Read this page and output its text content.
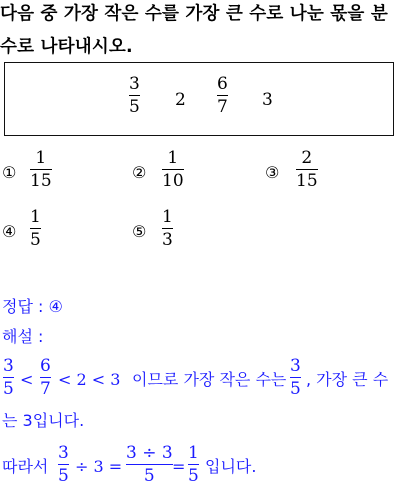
다음 중 가장 작은 수를 가장 큰 수로 나눈 몫을 분
수로 나타내시오.
3
5 2
6
7 3
①
1
15	②
1
10	③
2
15
④
1
5	⑤
1
3
정답 : ④
해설 :
3
5 <
6
7 < 2 < 3 이므로 가장 작은 수는
3
5 , 가장 큰 수
는 3입니다.
따라서
3
5 ÷ 3 =
3 ÷ 3
5 =
1
5 입니다.
